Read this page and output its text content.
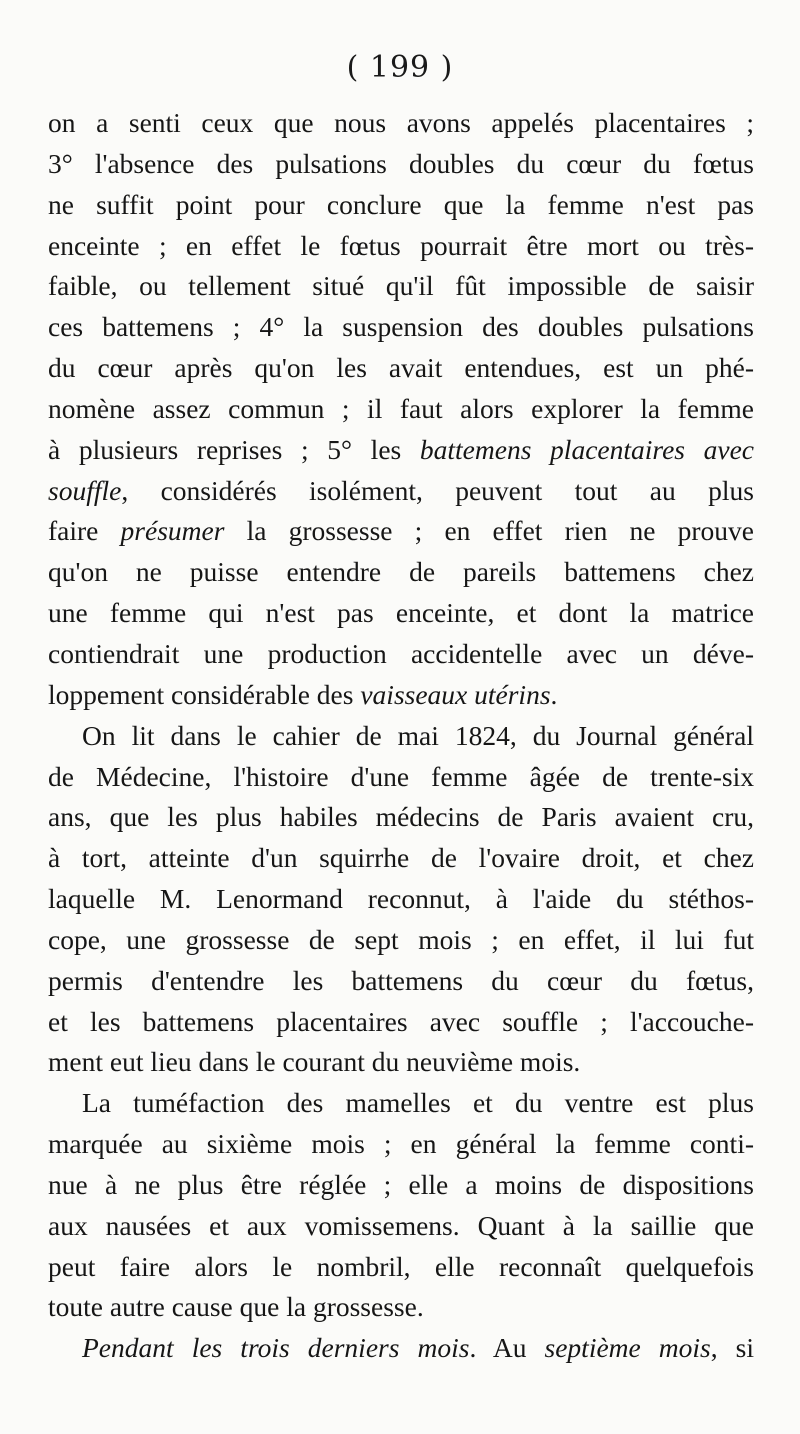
( 199 )
on a senti ceux que nous avons appelés placentaires ;
3° l'absence des pulsations doubles du cœur du fœtus
ne suffit point pour conclure que la femme n'est pas
enceinte ; en effet le fœtus pourrait être mort ou très-
faible, ou tellement situé qu'il fût impossible de saisir
ces battemens ; 4° la suspension des doubles pulsations
du cœur après qu'on les avait entendues, est un phé-
nomène assez commun ; il faut alors explorer la femme
à plusieurs reprises ; 5° les battemens placentaires avec
souffle, considérés isolément, peuvent tout au plus
faire présumer la grossesse ; en effet rien ne prouve
qu'on ne puisse entendre de pareils battemens chez
une femme qui n'est pas enceinte, et dont la matrice
contiendrait une production accidentelle avec un déve-
loppement considérable des vaisseaux utérins.
On lit dans le cahier de mai 1824, du Journal général
de Médecine, l'histoire d'une femme âgée de trente-six
ans, que les plus habiles médecins de Paris avaient cru,
à tort, atteinte d'un squirrhe de l'ovaire droit, et chez
laquelle M. Lenormand reconnut, à l'aide du stéthos-
cope, une grossesse de sept mois ; en effet, il lui fut
permis d'entendre les battemens du cœur du fœtus,
et les battemens placentaires avec souffle ; l'accouche-
ment eut lieu dans le courant du neuvième mois.
La tuméfaction des mamelles et du ventre est plus
marquée au sixième mois ; en général la femme conti-
nue à ne plus être réglée ; elle a moins de dispositions
aux nausées et aux vomissemens. Quant à la saillie que
peut faire alors le nombril, elle reconnaît quelquefois
toute autre cause que la grossesse.
Pendant les trois derniers mois. Au septième mois, si
